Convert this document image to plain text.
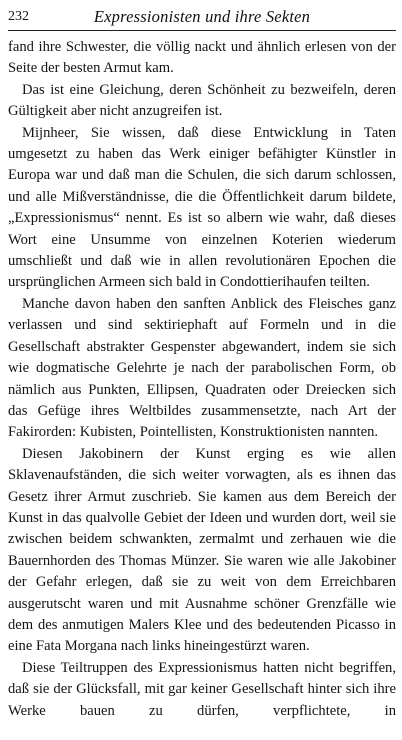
232	Expressionisten und ihre Sekten

fand ihre Schwester, die völlig nackt und ähnlich erlesen von der Seite der besten Armut kam.

Das ist eine Gleichung, deren Schönheit zu bezweifeln, deren Gültigkeit aber nicht anzugreifen ist.

Mijnheer, Sie wissen, daß diese Entwicklung in Taten umgesetzt zu haben das Werk einiger befähigter Künstler in Europa war und daß man die Schulen, die sich darum schlossen, und alle Mißverständnisse, die die Öffentlichkeit darum bildete, „Expressionismus“ nennt. Es ist so albern wie wahr, daß dieses Wort eine Unsumme von einzelnen Koterien wiederum umschließt und daß wie in allen revolutionären Epochen die ursprünglichen Armeen sich bald in Condottierihaufen teilten.

Manche davon haben den sanften Anblick des Fleisches ganz verlassen und sind sektiriерhaft auf Formeln und in die Gesellschaft abstrakter Gespenster abgewandert, indem sie sich wie dogmatische Gelehrte je nach der parabolischen Form, ob nämlich aus Punkten, Ellipsen, Quadraten oder Dreiecken sich das Gefüge ihres Weltbildes zusammensetzte, nach Art der Fakirorden: Kubisten, Pointellisten, Konstruktionisten nannten.

Diesen Jakobinern der Kunst erging es wie allen Sklavenaufständen, die sich weiter vorwagten, als es ihnen das Gesetz ihrer Armut zuschrieb. Sie kamen aus dem Bereich der Kunst in das qualvolle Gebiet der Ideen und wurden dort, weil sie zwischen beidem schwankten, zermalmt und zerhauen wie die Bauernhorden des Thomas Münzer. Sie waren wie alle Jakobiner der Gefahr erlegen, daß sie zu weit von dem Erreichbaren ausgerutscht waren und mit Ausnahme schöner Grenzfälle wie dem des anmutigen Malers Klee und des bedeutenden Picasso in eine Fata Morgana nach links hineingestürzt waren.

Diese Teiltruppen des Expressionismus hatten nicht begriffen, daß sie der Glücksfall, mit gar keiner Gesellschaft hinter sich ihre Werke bauen zu dürfen, verpflichtete, in
